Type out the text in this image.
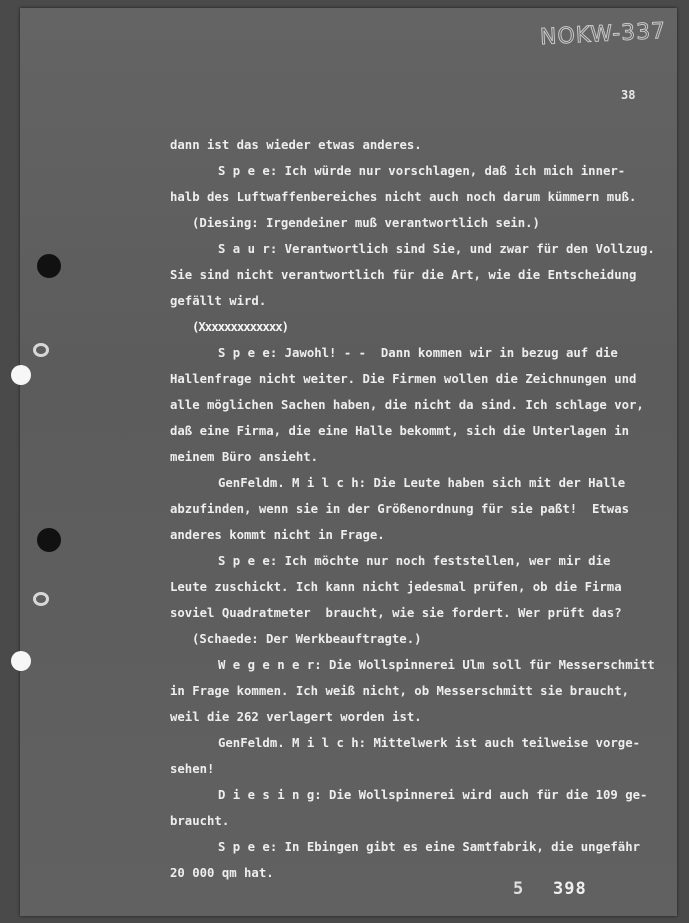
NOKW-337
38
dann ist das wieder etwas anderes.
S p e e: Ich würde nur vorschlagen, daß ich mich inner-
halb des Luftwaffenbereiches nicht auch noch darum kümmern muß.
(Diesing: Irgendeiner muß verantwortlich sein.)
S a u r: Verantwortlich sind Sie, und zwar für den Vollzug.
Sie sind nicht verantwortlich für die Art, wie die Entscheidung
gefällt wird.
(Xxxxxxxxxxxxx)
S p e e: Jawohl! - -  Dann kommen wir in bezug auf die
Hallenfrage nicht weiter. Die Firmen wollen die Zeichnungen und
alle möglichen Sachen haben, die nicht da sind. Ich schlage vor,
daß eine Firma, die eine Halle bekommt, sich die Unterlagen in
meinem Büro ansieht.
GenFeldm. M i l c h: Die Leute haben sich mit der Halle
abzufinden, wenn sie in der Größenordnung für sie paßt!  Etwas
anderes kommt nicht in Frage.
S p e e: Ich möchte nur noch feststellen, wer mir die
Leute zuschickt. Ich kann nicht jedesmal prüfen, ob die Firma
soviel Quadratmeter  braucht, wie sie fordert. Wer prüft das?
(Schaede: Der Werkbeauftragte.)
W e g e n e r: Die Wollspinnerei Ulm soll für Messerschmitt
in Frage kommen. Ich weiß nicht, ob Messerschmitt sie braucht,
weil die 262 verlagert worden ist.
GenFeldm. M i l c h: Mittelwerk ist auch teilweise vorge-
sehen!
D i e s i n g: Die Wollspinnerei wird auch für die 109 ge-
braucht.
S p e e: In Ebingen gibt es eine Samtfabrik, die ungefähr
20 000 qm hat.
5 398
